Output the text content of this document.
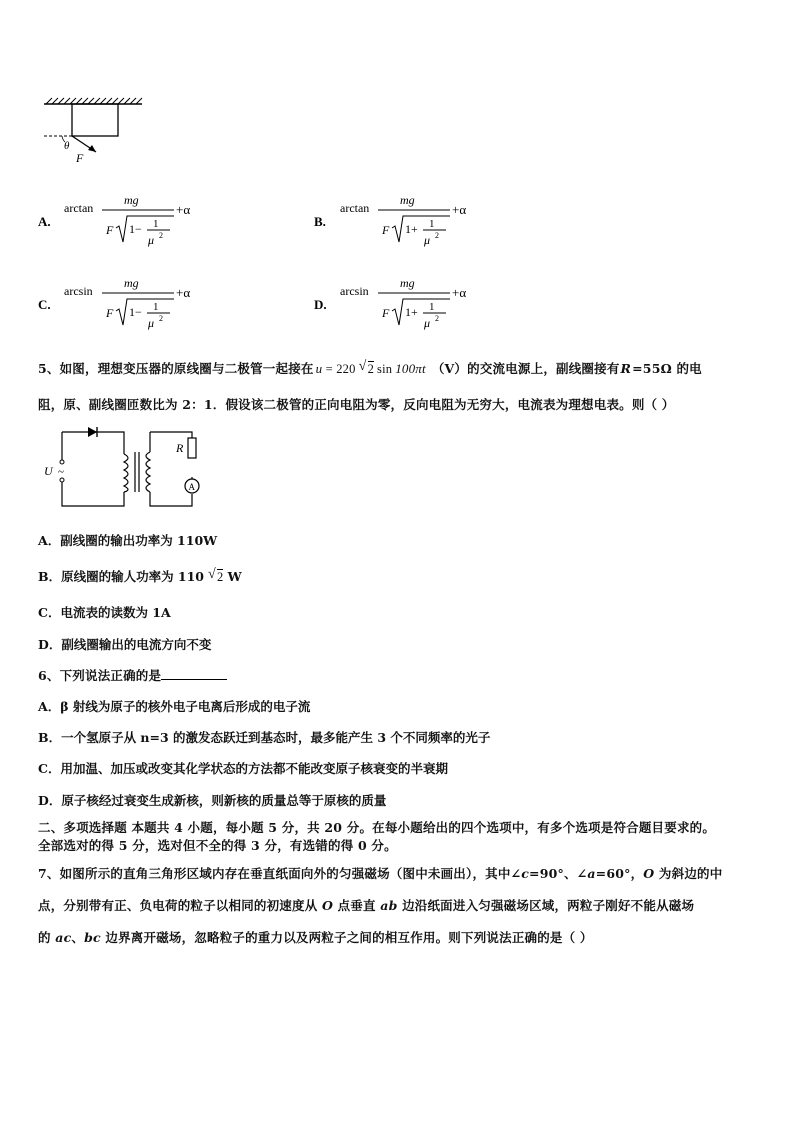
θ
F
A.
arctan
mg
F 1− 1
μ 2
+α
B.
arctan
mg
F 1+ 1
μ 2
+α
C.
arcsin
mg
F 1− 1
μ 2
+α
D.
arcsin
mg
F 1+ 1
μ 2
+α
5、如图，理想变压器的原线圈与二极管一起接在 u = 220 √ 2 sin 100πt （V）的交流电源上，副线圈接有R=55Ω 的电
阻，原、副线圈匝数比为 2：1．假设该二极管的正向电阻为零，反向电阻为无穷大，电流表为理想电表。则（ ）
U ~
R
A
A．副线圈的输出功率为 110W
B．原线圈的输人功率为 110 √ 2 W
C．电流表的读数为 1A
D．副线圈输出的电流方向不变
6、下列说法正确的是
A．β 射线为原子的核外电子电离后形成的电子流
B．一个氢原子从 n=3 的激发态跃迁到基态时，最多能产生 3 个不同频率的光子
C．用加温、加压或改变其化学状态的方法都不能改变原子核衰变的半衰期
D．原子核经过衰变生成新核，则新核的质量总等于原核的质量
二、多项选择题 本题共 4 小题，每小题 5 分，共 20 分。在每小题给出的四个选项中，有多个选项是符合题目要求的。
全部选对的得 5 分，选对但不全的得 3 分，有选错的得 0 分。
7、如图所示的直角三角形区域内存在垂直纸面向外的匀强磁场（图中未画出），其中∠c=90°、∠a=60°，O 为斜边的中
点，分别带有正、负电荷的粒子以相同的初速度从 O 点垂直 ab 边沿纸面进入匀强磁场区域，两粒子刚好不能从磁场
的 ac、bc 边界离开磁场，忽略粒子的重力以及两粒子之间的相互作用。则下列说法正确的是（ ）
